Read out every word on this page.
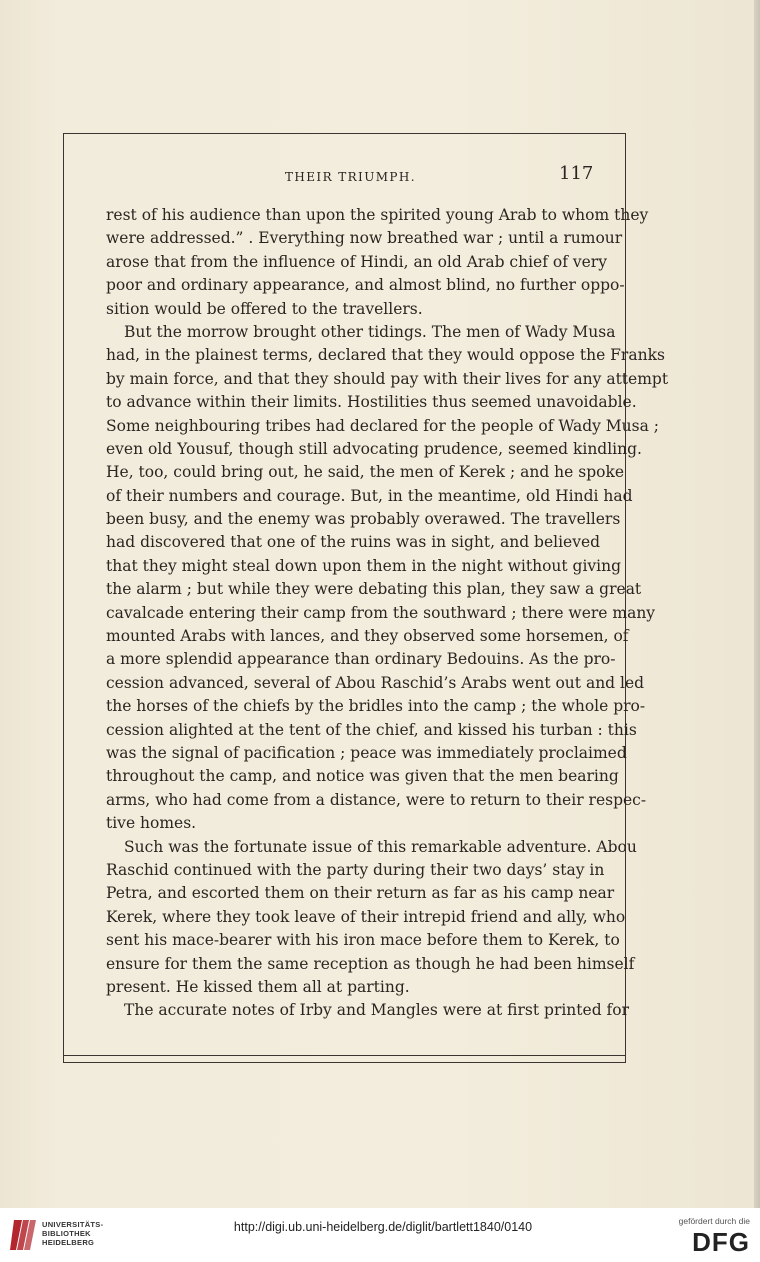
THEIR TRIUMPH.	117
rest of his audience than upon the spirited young Arab to whom they
were addressed.” . Everything now breathed war ; until a rumour
arose that from the influence of Hindi, an old Arab chief of very
poor and ordinary appearance, and almost blind, no further oppo-
sition would be offered to the travellers.
But the morrow brought other tidings. The men of Wady Musa
had, in the plainest terms, declared that they would oppose the Franks
by main force, and that they should pay with their lives for any attempt
to advance within their limits. Hostilities thus seemed unavoidable.
Some neighbouring tribes had declared for the people of Wady Musa ;
even old Yousuf, though still advocating prudence, seemed kindling.
He, too, could bring out, he said, the men of Kerek ; and he spoke
of their numbers and courage. But, in the meantime, old Hindi had
been busy, and the enemy was probably overawed. The travellers
had discovered that one of the ruins was in sight, and believed
that they might steal down upon them in the night without giving
the alarm ; but while they were debating this plan, they saw a great
cavalcade entering their camp from the southward ; there were many
mounted Arabs with lances, and they observed some horsemen, of
a more splendid appearance than ordinary Bedouins. As the pro-
cession advanced, several of Abou Raschid’s Arabs went out and led
the horses of the chiefs by the bridles into the camp ; the whole pro-
cession alighted at the tent of the chief, and kissed his turban : this
was the signal of pacification ; peace was immediately proclaimed
throughout the camp, and notice was given that the men bearing
arms, who had come from a distance, were to return to their respec-
tive homes.
Such was the fortunate issue of this remarkable adventure. Abou
Raschid continued with the party during their two days’ stay in
Petra, and escorted them on their return as far as his camp near
Kerek, where they took leave of their intrepid friend and ally, who
sent his mace-bearer with his iron mace before them to Kerek, to
ensure for them the same reception as though he had been himself
present. He kissed them all at parting.
The accurate notes of Irby and Mangles were at first printed for
UNIVERSITÄTS-
BIBLIOTHEK
HEIDELBERG
http://digi.ub.uni-heidelberg.de/diglit/bartlett1840/0140	gefördert durch die
DFG
